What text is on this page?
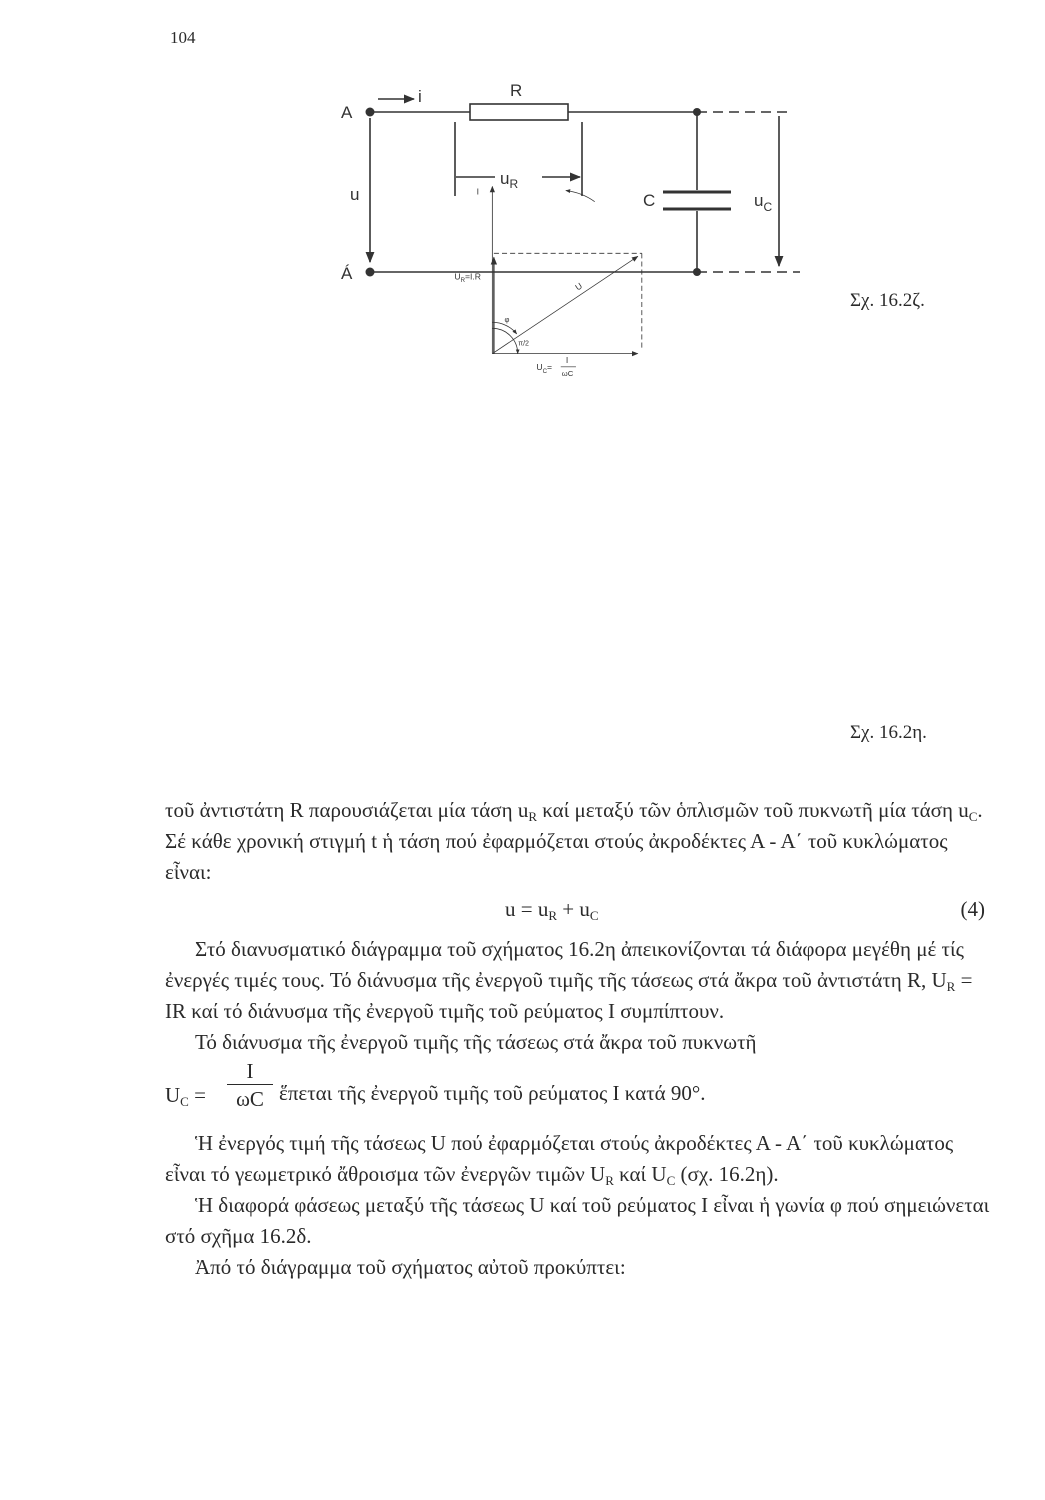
104
A
Á
i	R
$u_R$
u	C	$u_C$
Σχ. 16.2ζ.
I
$U_R=I.R$
U
φ
π/2
$U_C=$
I
ωC
Σχ. 16.2η.

τοῦ ἀντιστάτη R παρουσιάζεται μία τάση $u_R$ καί μεταξύ τῶν ὁπλισμῶν τοῦ πυκνωτῆ μία τάση $u_C$. Σέ κάθε χρονική στιγμή t ἡ τάση πού ἐφαρμόζεται στούς ἀκροδέκτες Α - Α΄ τοῦ κυκλώματος εἶναι:

$u = u_R + u_C$	(4)

Στό διανυσματικό διάγραμμα τοῦ σχήματος 16.2η ἀπεικονίζονται τά διάφορα μεγέθη μέ τίς ἐνεργές τιμές τους. Τό διάνυσμα τῆς ἐνεργοῦ τιμῆς τῆς τάσεως στά ἄκρα τοῦ ἀντιστάτη R, $U_R$ = IR καί τό διάνυσμα τῆς ἐνεργοῦ τιμῆς τοῦ ρεύματος I συμπίπτουν.

Τό διάνυσμα τῆς ἐνεργοῦ τιμῆς τῆς τάσεως στά ἄκρα τοῦ πυκνωτῆ

$U_C$ =
I
ωC ἕπεται τῆς ἐνεργοῦ τιμῆς τοῦ ρεύματος I κατά 90°.

Ἡ ἐνεργός τιμή τῆς τάσεως U πού ἐφαρμόζεται στούς ἀκροδέκτες Α - Α΄ τοῦ κυκλώματος εἶναι τό γεωμετρικό ἄθροισμα τῶν ἐνεργῶν τιμῶν $U_R$ καί $U_C$ (σχ. 16.2η).

Ἡ διαφορά φάσεως μεταξύ τῆς τάσεως U καί τοῦ ρεύματος I εἶναι ἡ γωνία φ πού σημειώνεται στό σχῆμα 16.2δ.

Ἀπό τό διάγραμμα τοῦ σχήματος αὐτοῦ προκύπτει:
